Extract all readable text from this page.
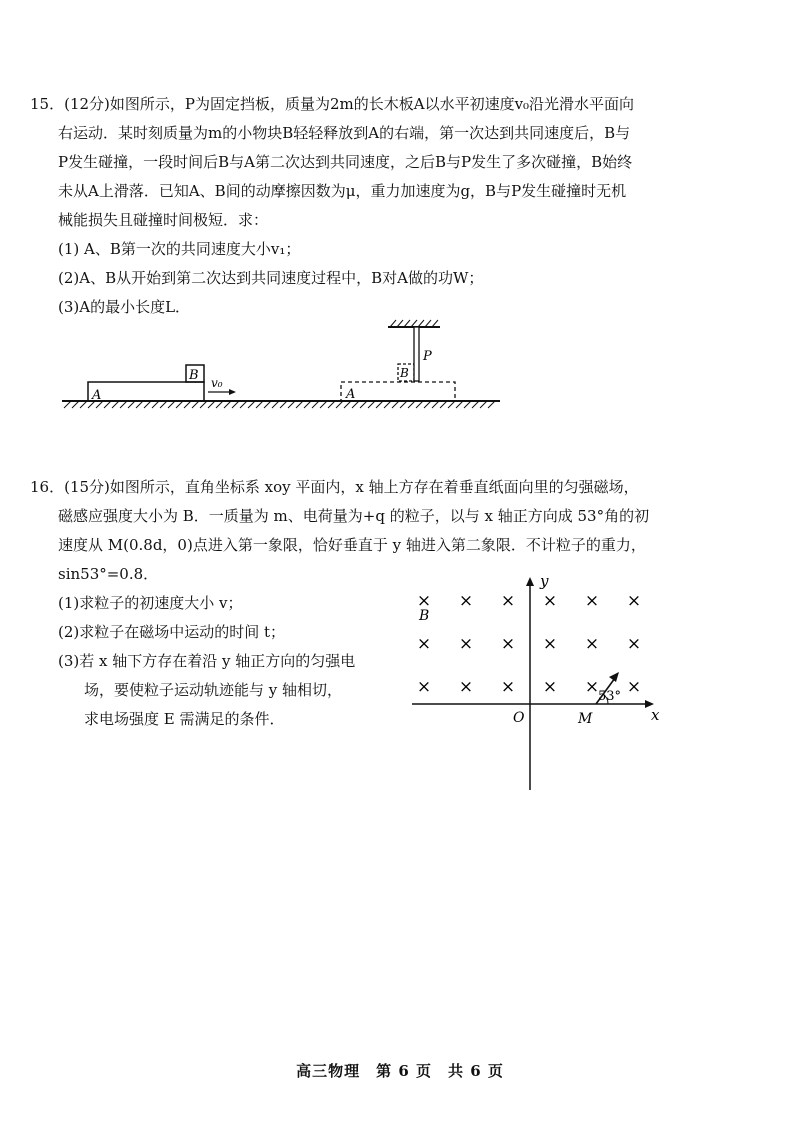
15．(12分)如图所示，P为固定挡板，质量为2m的长木板A以水平初速度v₀沿光滑水平面向
右运动．某时刻质量为m的小物块B轻轻释放到A的右端，第一次达到共同速度后，B与
P发生碰撞，一段时间后B与A第二次达到共同速度，之后B与P发生了多次碰撞，B始终
未从A上滑落．已知A、B间的动摩擦因数为μ，重力加速度为g，B与P发生碰撞时无机
械能损失且碰撞时间极短．求：
(1) A、B第一次的共同速度大小v₁；
(2)A、B从开始到第二次达到共同速度过程中，B对A做的功W；
(3)A的最小长度L．
A
B v₀
A
B
P
16．(15分)如图所示，直角坐标系 xoy 平面内，x 轴上方存在着垂直纸面向里的匀强磁场，
磁感应强度大小为 B．一质量为 m、电荷量为+q 的粒子，以与 x 轴正方向成 53°角的初
速度从 M(0.8d，0)点进入第一象限，恰好垂直于 y 轴进入第二象限．不计粒子的重力，
sin53°=0.8．
(1)求粒子的初速度大小 v；
(2)求粒子在磁场中运动的时间 t；
(3)若 x 轴下方存在着沿 y 轴正方向的匀强电
场，要使粒子运动轨迹能与 y 轴相切，
求电场强度 E 需满足的条件．
y
x
O	M
B
× × × × × ×
× × × × × ×
× × × × × ×
53°
高三物理　第 6 页　共 6 页
